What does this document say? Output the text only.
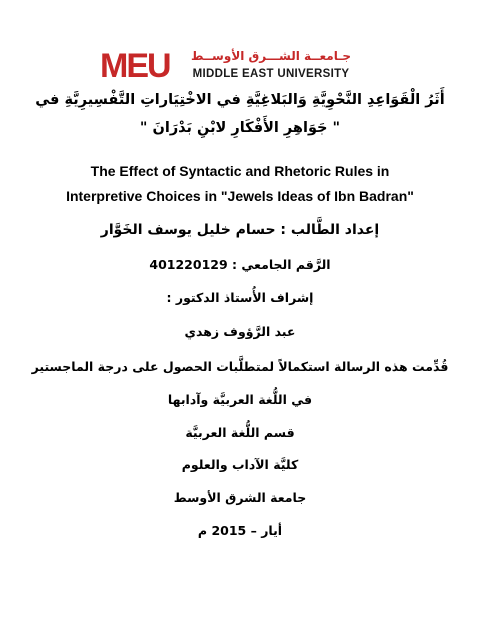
MEU جـامعــة الشـــرق الأوســط
MIDDLE EAST UNIVERSITY
أَثَرُ الْقَوَاعِدِ النَّحْوِيَّةِ وَالبَلاغِيَّةِ في الاخْتِيَاراتِ التَّفْسِيرِيَّةِ في
" جَوَاهِرِ الأَفْكَارِ لابْنِ بَدْرَانَ "
The Effect of Syntactic and Rhetoric Rules in
Interpretive Choices in "Jewels Ideas of Ibn Badran"
إعداد الطَّالب : حسام خليل يوسف الخَوَّار
الرَّقم الجامعي : 401220129
إشراف الأُستاذ الدكتور :
عبد الرَّؤوف زهدي
قُدِّمت هذه الرسالة استكمالاً لمتطلَّبات الحصول على درجة الماجستير
في اللُّغة العربيَّة وآدابها
قسم اللُّغة العربيَّة
كليَّة الآداب والعلوم
جامعة الشرق الأوسط
أيار – 2015 م
